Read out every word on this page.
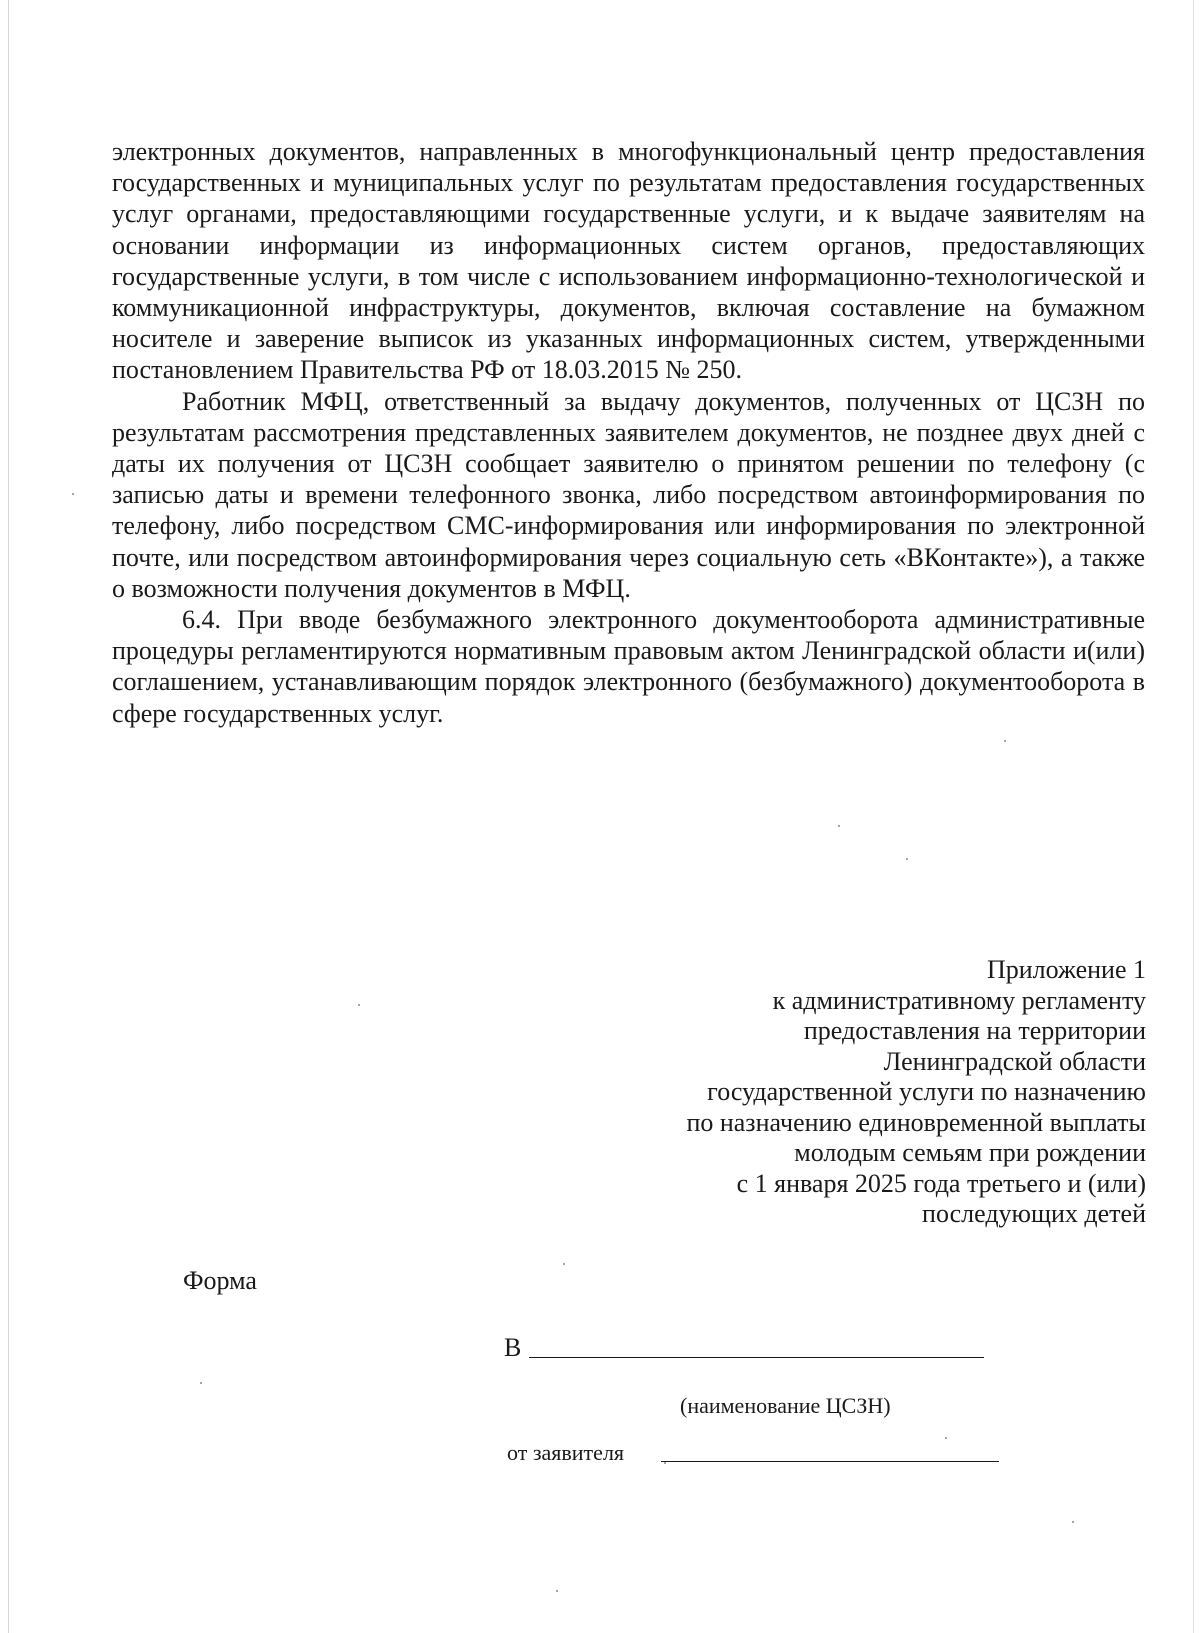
электронных документов, направленных в многофункциональный центр предоставления государственных и муниципальных услуг по результатам предоставления государственных услуг органами, предоставляющими государственные услуги, и к выдаче заявителям на основании информации из информационных систем органов, предоставляющих государственные услуги, в том числе с использованием информационно-технологической и коммуникационной инфраструктуры, документов, включая составление на бумажном носителе и заверение выписок из указанных информационных систем, утвержденными постановлением Правительства РФ от 18.03.2015 № 250.

Работник МФЦ, ответственный за выдачу документов, полученных от ЦСЗН по результатам рассмотрения представленных заявителем документов, не позднее двух дней с даты их получения от ЦСЗН сообщает заявителю о принятом решении по телефону (с записью даты и времени телефонного звонка, либо посредством автоинформирования по телефону, либо посредством СМС-информирования или информирования по электронной почте, или посредством автоинформирования через социальную сеть «ВКонтакте»), а также о возможности получения документов в МФЦ.

6.4. При вводе безбумажного электронного документооборота административные процедуры регламентируются нормативным правовым актом Ленинградской области и(или) соглашением, устанавливающим порядок электронного (безбумажного) документооборота в сфере государственных услуг.

Приложение 1
к административному регламенту
предоставления на территории
Ленинградской области
государственной услуги по назначению
по назначению единовременной выплаты
молодым семьям при рождении
с 1 января 2025 года третьего и (или)
последующих детей
Форма
В
(наименование ЦСЗН)
от заявителя
